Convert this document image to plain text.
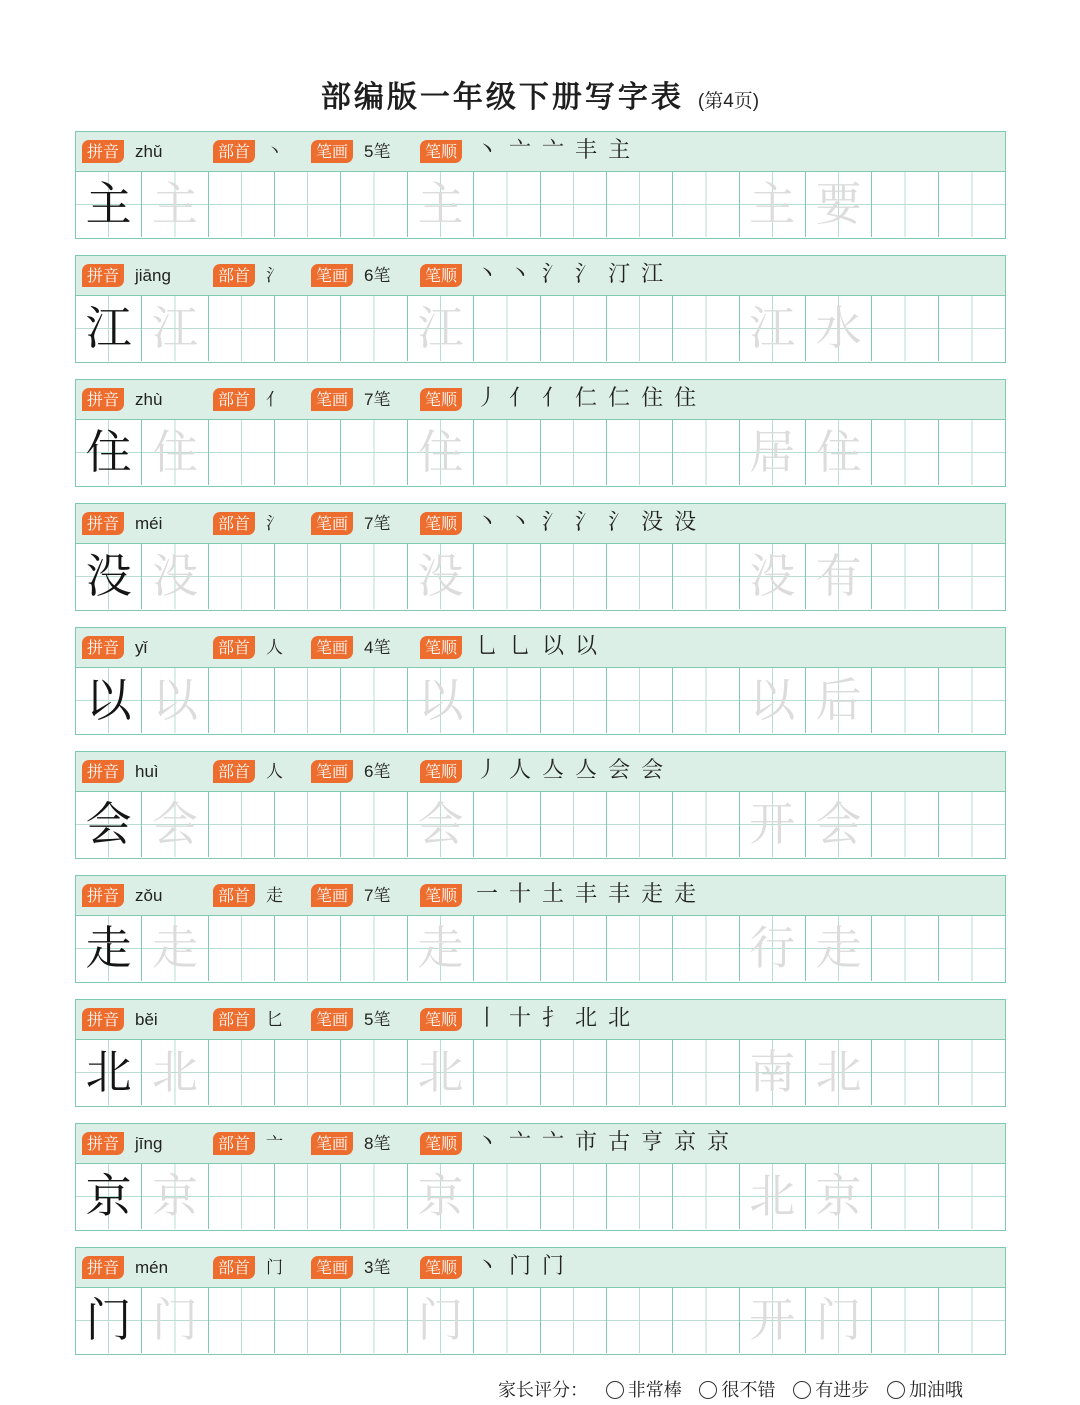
部编版一年级下册写字表 (第4页)
拼音 zhǔ	部首 丶	笔画 5笔	笔顺 丶 亠 亠 丰 主
主 主	主	主 要
拼音 jiāng	部首 氵	笔画 6笔	笔顺 丶 丶 氵 氵 汀 江
江 江	江	江 水
拼音 zhù	部首 亻	笔画 7笔	笔顺 丿 亻 亻 仁 仁 住 住
住 住	住	居 住
拼音 méi	部首 氵	笔画 7笔	笔顺 丶 丶 氵 氵 氵 没 没
没 没	没	没 有
拼音 yǐ	部首 人	笔画 4笔	笔顺 乚 乚 以 以
以 以	以	以 后
拼音 huì	部首 人	笔画 6笔	笔顺 丿 人 亼 亼 会 会
会 会	会	开 会
拼音 zǒu	部首 走	笔画 7笔	笔顺 一 十 土 丰 丰 走 走
走 走	走	行 走
拼音 běi	部首 匕	笔画 5笔	笔顺 丨 十 扌 北 北
北 北	北	南 北
拼音 jīng	部首 亠	笔画 8笔	笔顺 丶 亠 亠 市 古 亨 京 京
京 京	京	北 京
拼音 mén	部首 门	笔画 3笔	笔顺 丶 门 门
门 门	门	开 门
家长评分： 非常棒 很不错 有进步 加油哦
